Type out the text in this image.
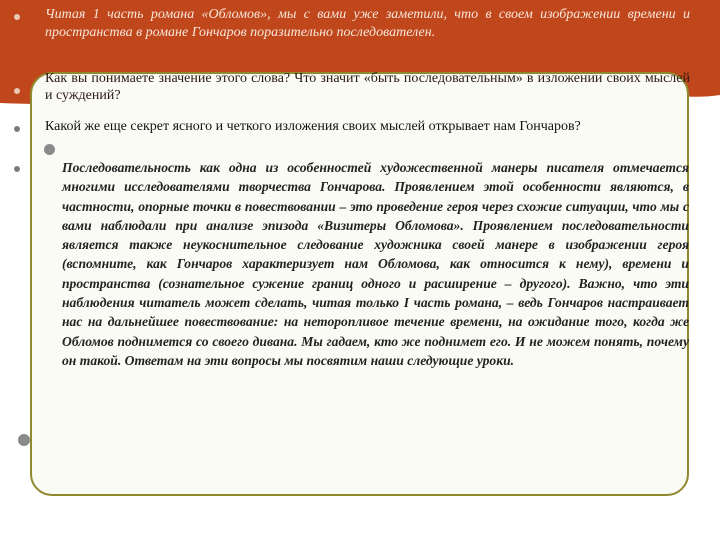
Читая 1 часть романа «Обломов», мы с вами уже заметили, что в своем изображении времени и пространства в романе Гончаров поразительно последователен.

Как вы понимаете значение этого слова? Что значит «быть последовательным» в изложении своих мыслей и суждений?

Какой же еще секрет ясного и четкого изложения своих мыслей открывает нам Гончаров?

Последовательность как одна из особенностей художественной манеры писателя отмечается многими исследователями творчества Гончарова. Проявлением этой особенности являются, в частности, опорные точки в повествовании – это проведение героя через схожие ситуации, что мы с вами наблюдали при анализе эпизода «Визитеры Обломова». Проявлением последовательности является также неукоснительное следование художника своей манере в изображении героя (вспомните, как Гончаров характеризует нам Обломова, как относится к нему), времени и пространства (сознательное сужение границ одного и расширение – другого). Важно, что эти наблюдения читатель может сделать, читая только I часть романа, – ведь Гончаров настраивает нас на дальнейшее повествование: на неторопливое течение времени, на ожидание того, когда же Обломов поднимется со своего дивана. Мы гадаем, кто же поднимет его. И не можем понять, почему он такой. Ответам на эти вопросы мы посвятим наши следующие уроки.
